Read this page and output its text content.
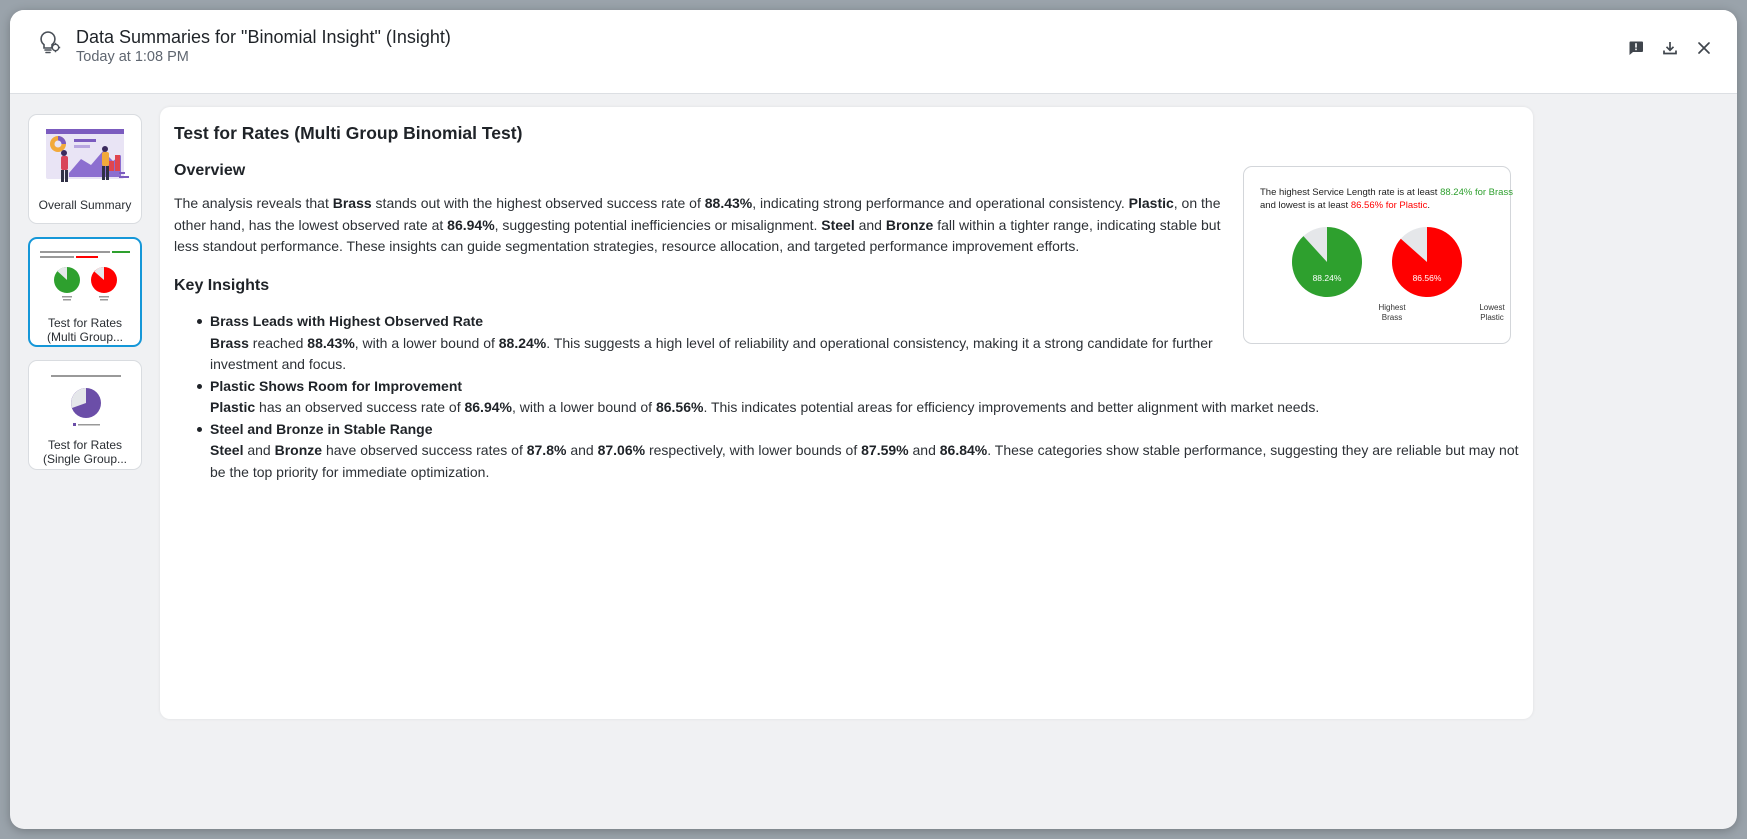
Data Summaries for "Binomial Insight" (Insight)
Today at 1:08 PM
Overall Summary
Test for Rates
(Multi Group...
Test for Rates
(Single Group...
Test for Rates (Multi Group Binomial Test)
Overview
The analysis reveals that Brass stands out with the highest observed success rate of 88.43%, indicating strong performance and operational consistency. Plastic, on the other hand, has the lowest observed rate at 86.94%, suggesting potential inefficiencies or misalignment. Steel and Bronze fall within a tighter range, indicating stable but less standout performance. These insights can guide segmentation strategies, resource allocation, and targeted performance improvement efforts.
Key Insights
Brass Leads with Highest Observed Rate
Brass reached 88.43%, with a lower bound of 88.24%. This suggests a high level of reliability and operational consistency, making it a strong candidate for further investment and focus.
Plastic Shows Room for Improvement
Plastic has an observed success rate of 86.94%, with a lower bound of 86.56%. This indicates potential areas for efficiency improvements and better alignment with market needs.
Steel and Bronze in Stable Range
Steel and Bronze have observed success rates of 87.8% and 87.06% respectively, with lower bounds of 87.59% and 86.84%. These categories show stable performance, suggesting they are reliable but may not be the top priority for immediate optimization.
The highest Service Length rate is at least 88.24% for Brass
and lowest is at least 86.56% for Plastic.
88.24%	86.56%
Highest
Brass
Lowest
Plastic
